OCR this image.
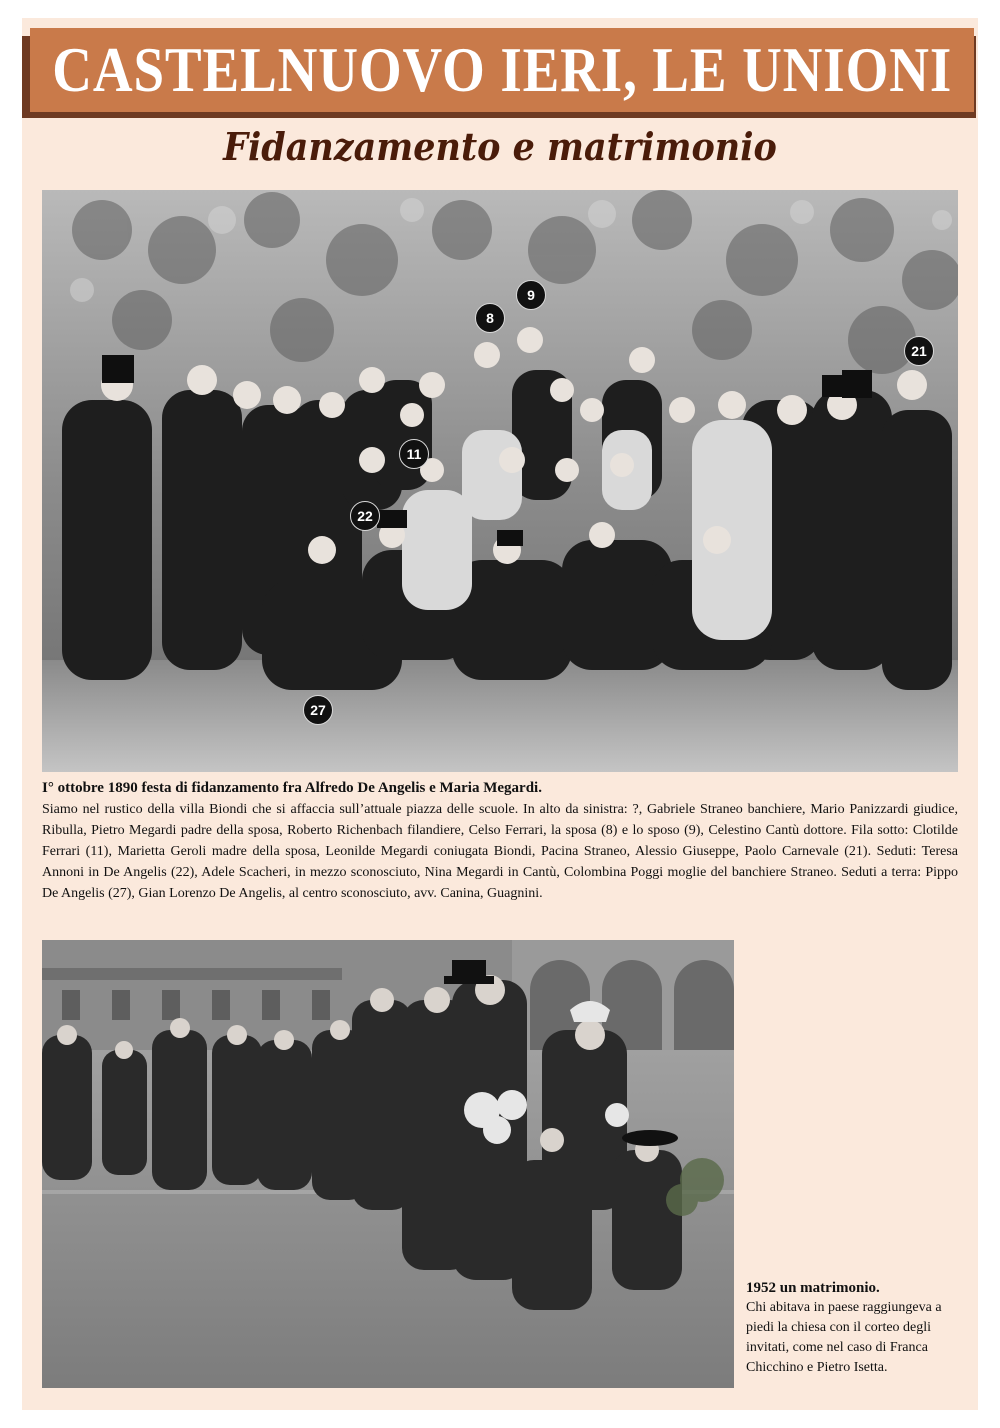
CASTELNUOVO IERI, LE UNIONI
Fidanzamento e matrimonio
9
8
21
11
22
27
I° ottobre 1890 festa di fidanzamento fra Alfredo De Angelis e Maria Megardi.
Siamo nel rustico della villa Biondi che si affaccia sull’attuale piazza delle scuole. In alto da sinistra: ?, Gabriele Straneo banchiere, Mario Panizzardi giudice, Ribulla, Pietro Megardi padre della sposa, Roberto Richenbach filandiere, Celso Ferrari, la sposa (8) e lo sposo (9), Celestino Cantù dottore. Fila sotto: Clotilde Ferrari (11), Marietta Geroli madre della sposa, Leonilde Megardi coniugata Biondi, Pacina Straneo, Alessio Giuseppe, Paolo Carnevale (21). Seduti: Teresa Annoni in De Angelis (22), Adele Scacheri, in mezzo sconosciuto, Nina Megardi in Cantù, Colombina Poggi moglie del banchiere Straneo. Seduti a terra: Pippo De Angelis (27), Gian Lorenzo De Angelis, al centro sconosciuto, avv. Canina, Guagnini.
1952 un matrimonio.
Chi abitava in paese raggiungeva a piedi la chiesa con il corteo degli invitati, come nel caso di Franca Chicchino e Pietro Isetta.
